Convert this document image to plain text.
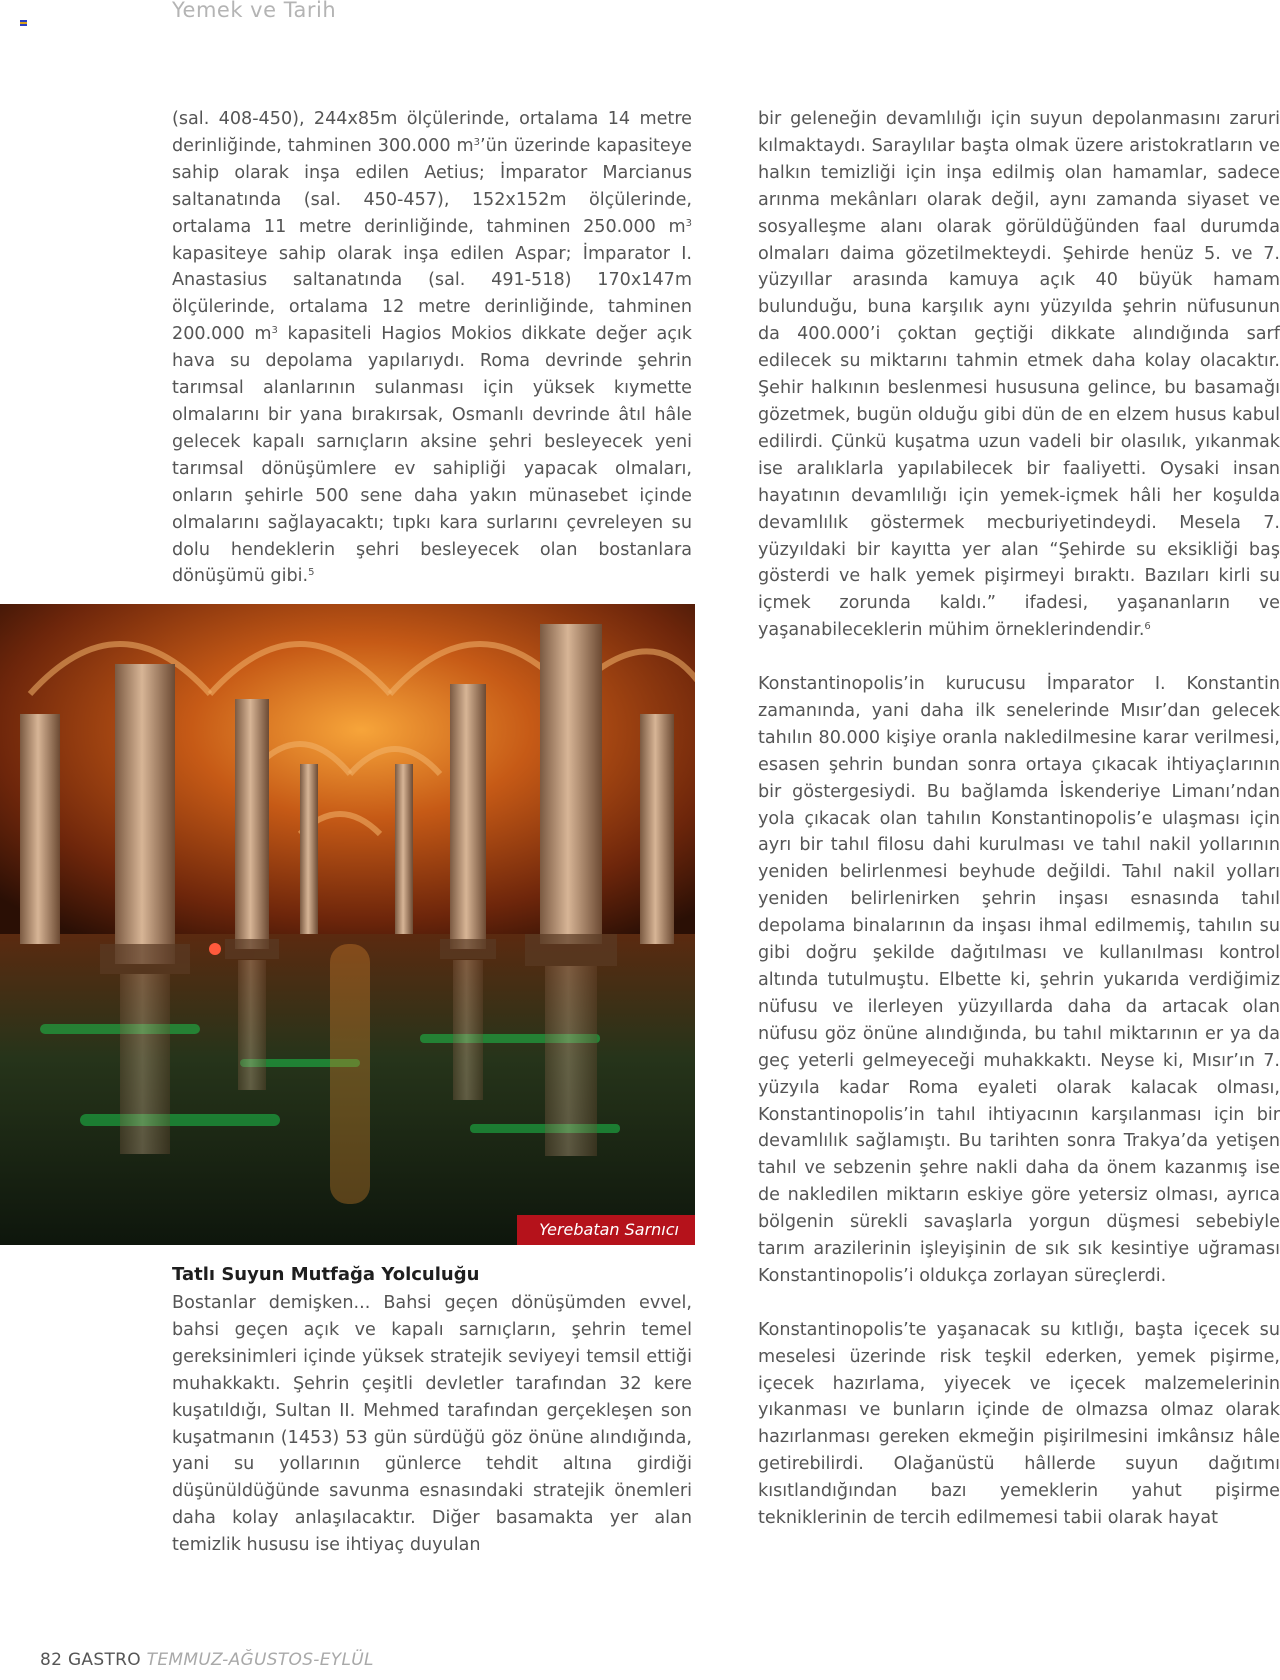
Yemek ve Tarih

(sal. 408-450), 244x85m ölçülerinde, ortalama 14 metre derinliğinde, tahminen 300.000 $m^3’ün$ üzerinde kapasiteye sahip olarak inşa edilen Aetius; İmparator Marcianus saltanatında (sal. 450-457), 152x152m ölçülerinde, ortalama 11 metre derinliğinde, tahminen 250.000 $m^3$ kapasiteye sahip olarak inşa edilen Aspar; İmparator I. Anastasius saltanatında (sal. 491-518) 170x147m ölçülerinde, ortalama 12 metre derinliğinde, tahminen 200.000 $m^3$ kapasiteli Hagios Mokios dikkate değer açık hava su depolama yapılarıydı. Roma devrinde şehrin tarımsal alanlarının sulanması için yüksek kıymette olmalarını bir yana bırakırsak, Osmanlı devrinde âtıl hâle gelecek kapalı sarnıçların aksine şehri besleyecek yeni tarımsal dönüşümlere ev sahipliği yapacak olmaları, onların şehirle 500 sene daha yakın münasebet içinde olmalarını sağlayacaktı; tıpkı kara surlarını çevreleyen su dolu hendeklerin şehri besleyecek olan bostanlara dönüşümü gibi.$^5$

Yerebatan Sarnıcı
Tatlı Suyun Mutfağa Yolculuğu

Bostanlar demişken... Bahsi geçen dönüşümden evvel, bahsi geçen açık ve kapalı sarnıçların, şehrin temel gereksinimleri içinde yüksek stratejik seviyeyi temsil ettiği muhakkaktı. Şehrin çeşitli devletler tarafından 32 kere kuşatıldığı, Sultan II. Mehmed tarafından gerçekleşen son kuşatmanın (1453) 53 gün sürdüğü göz önüne alındığında, yani su yollarının günlerce tehdit altına girdiği düşünüldüğünde savunma esnasındaki stratejik önemleri daha kolay anlaşılacaktır. Diğer basamakta yer alan temizlik hususu ise ihtiyaç duyulan

bir geleneğin devamlılığı için suyun depolanmasını zaruri kılmaktaydı. Saraylılar başta olmak üzere aristokratların ve halkın temizliği için inşa edilmiş olan hamamlar, sadece arınma mekânları olarak değil, aynı zamanda siyaset ve sosyalleşme alanı olarak görüldüğünden faal durumda olmaları daima gözetilmekteydi. Şehirde henüz 5. ve 7. yüzyıllar arasında kamuya açık 40 büyük hamam bulunduğu, buna karşılık aynı yüzyılda şehrin nüfusunun da 400.000’i çoktan geçtiği dikkate alındığında sarf edilecek su miktarını tahmin etmek daha kolay olacaktır. Şehir halkının beslenmesi hususuna gelince, bu basamağı gözetmek, bugün olduğu gibi dün de en elzem husus kabul edilirdi. Çünkü kuşatma uzun vadeli bir olasılık, yıkanmak ise aralıklarla yapılabilecek bir faaliyetti. Oysaki insan hayatının devamlılığı için yemek-içmek hâli her koşulda devamlılık göstermek mecburiyetindeydi. Mesela 7. yüzyıldaki bir kayıtta yer alan “Şehirde su eksikliği baş gösterdi ve halk yemek pişirmeyi bıraktı. Bazıları kirli su içmek zorunda kaldı.” ifadesi, yaşananların ve yaşanabileceklerin mühim örneklerindendir.$^6$

Konstantinopolis’in kurucusu İmparator I. Konstantin zamanında, yani daha ilk senelerinde Mısır’dan gelecek tahılın 80.000 kişiye oranla nakledilmesine karar verilmesi, esasen şehrin bundan sonra ortaya çıkacak ihtiyaçlarının bir göstergesiydi. Bu bağlamda İskenderiye Limanı’ndan yola çıkacak olan tahılın Konstantinopolis’e ulaşması için ayrı bir tahıl filosu dahi kurulması ve tahıl nakil yollarının yeniden belirlenmesi beyhude değildi. Tahıl nakil yolları yeniden belirlenirken şehrin inşası esnasında tahıl depolama binalarının da inşası ihmal edilmemiş, tahılın su gibi doğru şekilde dağıtılması ve kullanılması kontrol altında tutulmuştu. Elbette ki, şehrin yukarıda verdiğimiz nüfusu ve ilerleyen yüzyıllarda daha da artacak olan nüfusu göz önüne alındığında, bu tahıl miktarının er ya da geç yeterli gelmeyeceği muhakkaktı. Neyse ki, Mısır’ın 7. yüzyıla kadar Roma eyaleti olarak kalacak olması, Konstantinopolis’in tahıl ihtiyacının karşılanması için bir devamlılık sağlamıştı. Bu tarihten sonra Trakya’da yetişen tahıl ve sebzenin şehre nakli daha da önem kazanmış ise de nakledilen miktarın eskiye göre yetersiz olması, ayrıca bölgenin sürekli savaşlarla yorgun düşmesi sebebiyle tarım arazilerinin işleyişinin de sık sık kesintiye uğraması Konstantinopolis’i oldukça zorlayan süreçlerdi.

Konstantinopolis’te yaşanacak su kıtlığı, başta içecek su meselesi üzerinde risk teşkil ederken, yemek pişirme, içecek hazırlama, yiyecek ve içecek malzemelerinin yıkanması ve bunların içinde de olmazsa olmaz olarak hazırlanması gereken ekmeğin pişirilmesini imkânsız hâle getirebilirdi. Olağanüstü hâllerde suyun dağıtımı kısıtlandığından bazı yemeklerin yahut pişirme tekniklerinin de tercih edilmemesi tabii olarak hayat

82 GASTRO TEMMUZ-AĞUSTOS-EYLÜL
